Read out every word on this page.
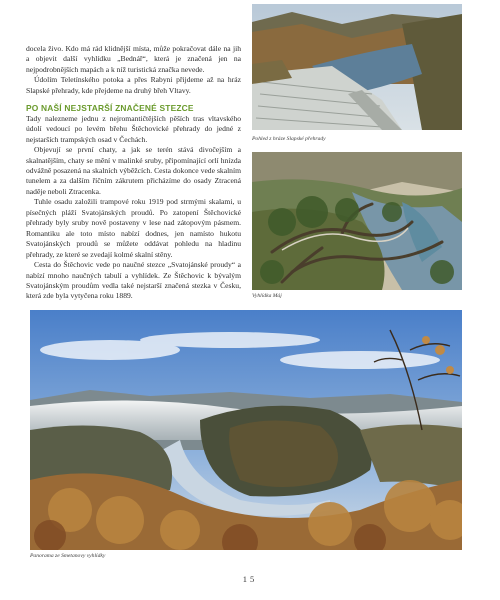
docela živo. Kdo má rád klidnější místa, může pokračovat dále na jih a objevit další vyhlídku „Bednář“, která je značená jen na nejpodrobnějších mapách a k níž turistická značka nevede.

Údolím Teletínského potoka a přes Rabyni přijdeme až na hráz Slapské přehrady, kde přejdeme na druhý břeh Vltavy.

PO NAŠÍ NEJSTARŠÍ ZNAČENÉ STEZCE

Tady nalezneme jednu z nejromantičtějších pěších tras vltavského údolí vedoucí po levém břehu Štěchovické přehrady do jedné z nejstarších trampských osad v Čechách.

Objevují se první chaty, a jak se terén stává divočejším a skalnatějším, chaty se mění v malinké sruby, připomínající orlí hnízda odvážně posazená na skalních výběžcích. Cesta dokonce vede skalním tunelem a za dalším říčním zákrutem přicházíme do osady Ztracená naděje neboli Ztracenka.

Tuhle osadu založili trampové roku 1919 pod strmými skalami, u písečných pláží Svatojánských proudů. Po zatopení Štěchovické přehrady byly sruby nově postaveny v lese nad zátopovým pásmem. Romantiku ale toto místo nabízí dodnes, jen namísto hukotu Svatojánských proudů se můžete oddávat pohledu na hladinu přehrady, ze které se zvedají kolmé skalní stěny.

Cesta do Štěchovic vede po naučné stezce „Svatojánské proudy“ a nabízí mnoho naučných tabulí a vyhlídek. Ze Štěchovic k bývalým Svatojánským proudům vedla také nejstarší značená stezka v Česku, která zde byla vytyčena roku 1889.

Pohled z hráze Slapské přehrady
Vyhlídka Máj
Panorama ze Smetanovy vyhlídky
15
